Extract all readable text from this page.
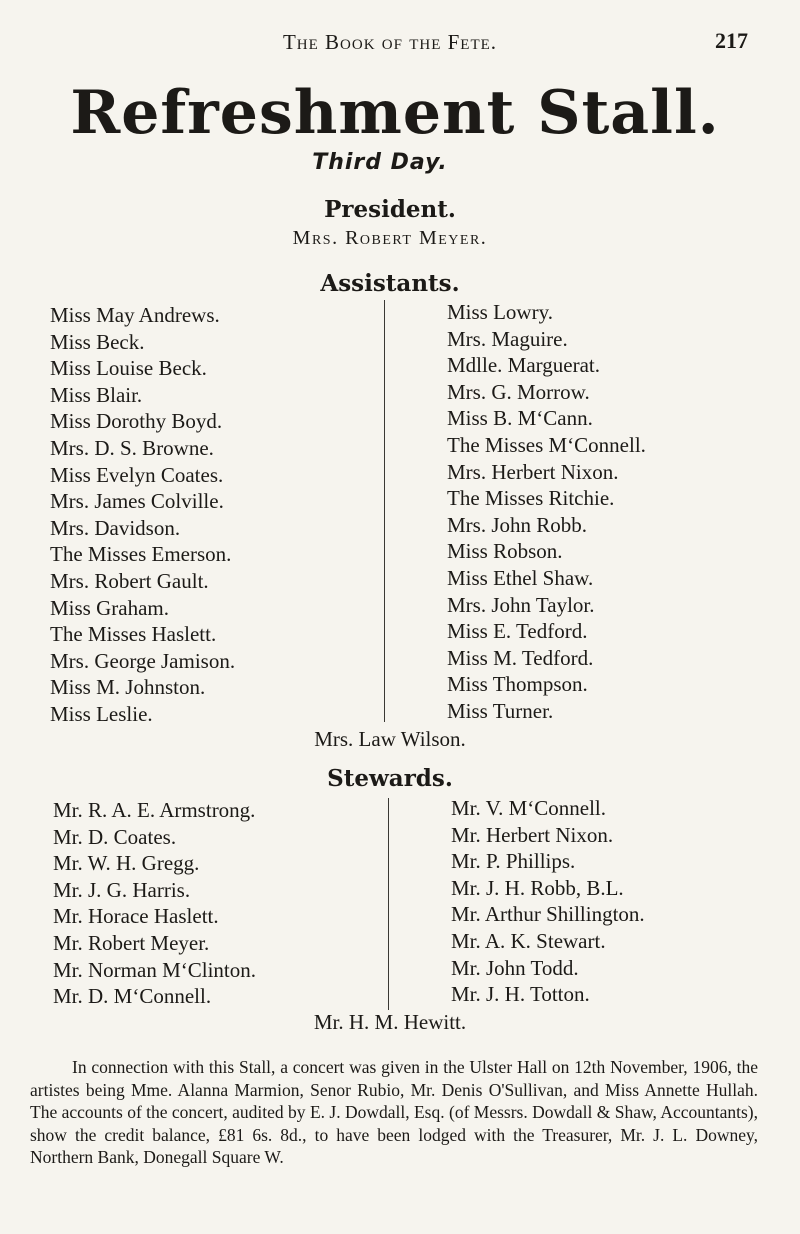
The Book of the Fete.	217
Refreshment Stall.
Third Day.
President.
Mrs. Robert Meyer.
Assistants.
Miss May Andrews.
Miss Beck.
Miss Louise Beck.
Miss Blair.
Miss Dorothy Boyd.
Mrs. D. S. Browne.
Miss Evelyn Coates.
Mrs. James Colville.
Mrs. Davidson.
The Misses Emerson.
Mrs. Robert Gault.
Miss Graham.
The Misses Haslett.
Mrs. George Jamison.
Miss M. Johnston.
Miss Leslie.
Miss Lowry.
Mrs. Maguire.
Mdlle. Marguerat.
Mrs. G. Morrow.
Miss B. M‘Cann.
The Misses M‘Connell.
Mrs. Herbert Nixon.
The Misses Ritchie.
Mrs. John Robb.
Miss Robson.
Miss Ethel Shaw.
Mrs. John Taylor.
Miss E. Tedford.
Miss M. Tedford.
Miss Thompson.
Miss Turner.
Mrs. Law Wilson.
Stewards.
Mr. R. A. E. Armstrong.
Mr. D. Coates.
Mr. W. H. Gregg.
Mr. J. G. Harris.
Mr. Horace Haslett.
Mr. Robert Meyer.
Mr. Norman M‘Clinton.
Mr. D. M‘Connell.
Mr. V. M‘Connell.
Mr. Herbert Nixon.
Mr. P. Phillips.
Mr. J. H. Robb, B.L.
Mr. Arthur Shillington.
Mr. A. K. Stewart.
Mr. John Todd.
Mr. J. H. Totton.
Mr. H. M. Hewitt.

In connection with this Stall, a concert was given in the Ulster Hall on 12th November, 1906, the artistes being Mme. Alanna Marmion, Senor Rubio, Mr. Denis O'Sullivan, and Miss Annette Hullah. The accounts of the concert, audited by E. J. Dowdall, Esq. (of Messrs. Dowdall & Shaw, Accountants), show the credit balance, £81 6s. 8d., to have been lodged with the Treasurer, Mr. J. L. Downey, Northern Bank, Donegall Square W.
